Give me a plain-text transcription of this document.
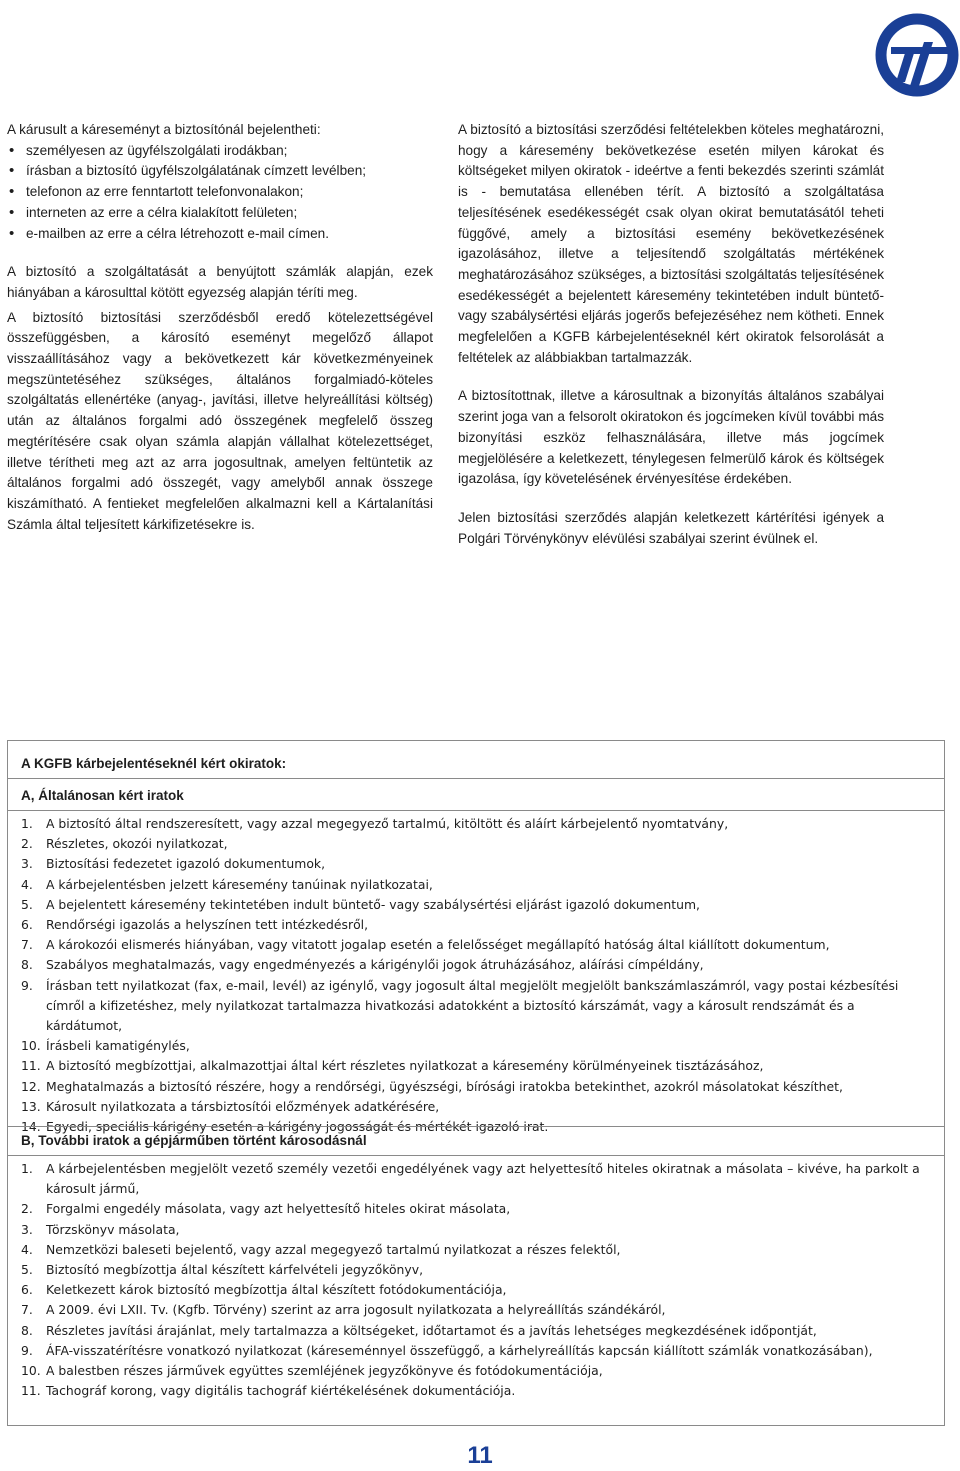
A kárusult a káreseményt a biztosítónál bejelentheti:

• személyesen az ügyfélszolgálati irodákban;
• írásban a biztosító ügyfélszolgálatának címzett levélben;
• telefonon az erre fenntartott telefonvonalakon;
• interneten az erre a célra kialakított felületen;
• e-mailben az erre a célra létrehozott e-mail címen.

A biztosító a szolgáltatását a benyújtott számlák alapján, ezek hiányában a károsulttal kötött egyezség alapján téríti meg.

A biztosító biztosítási szerződésből eredő kötelezettségével összefüggésben, a károsító eseményt megelőző állapot visszaállításához vagy a bekövetkezett kár következményeinek megszüntetéséhez szükséges, általános forgalmiadó-köteles szolgáltatás ellenértéke (anyag-, javítási, illetve helyreállítási költség) után az általános forgalmi adó összegének megfelelő összeg megtérítésére csak olyan számla alapján vállalhat kötelezettséget, illetve térítheti meg azt az arra jogosultnak, amelyen feltüntetik az általános forgalmi adó összegét, vagy amelyből annak összege kiszámítható. A fentieket megfelelően alkalmazni kell a Kártalanítási Számla által teljesített kárkifizetésekre is.

A biztosító a biztosítási szerződési feltételekben köteles meghatározni, hogy a káresemény bekövetkezése esetén milyen károkat és költségeket milyen okiratok - ideértve a fenti bekezdés szerinti számlát is - bemutatása ellenében térít. A biztosító a szolgáltatása teljesítésének esedékességét csak olyan okirat bemutatásától teheti függővé, amely a biztosítási esemény bekövetkezésének igazolásához, illetve a teljesítendő szolgáltatás mértékének meghatározásához szükséges, a biztosítási szolgáltatás teljesítésének esedékességét a bejelentett káresemény tekintetében indult büntető- vagy szabálysértési eljárás jogerős befejezéséhez nem kötheti. Ennek megfelelően a KGFB kárbejelentéseknél kért okiratok felsorolását a feltételek az alábbiakban tartalmazzák.

A biztosítottnak, illetve a károsultnak a bizonyítás általános szabályai szerint joga van a felsorolt okiratokon és jogcímeken kívül további más bizonyítási eszköz felhasználására, illetve más jogcímek megjelölésére a keletkezett, ténylegesen felmerülő károk és költségek igazolása, így követelésének érvényesítése érdekében.

Jelen biztosítási szerződés alapján keletkezett kártérítési igények a Polgári Törvénykönyv elévülési szabályai szerint évülnek el.

A KGFB kárbejelentéseknél kért okiratok:
A, Általánosan kért iratok
1. A biztosító által rendszeresített, vagy azzal megegyező tartalmú, kitöltött és aláírt kárbejelentő nyomtatvány,
2. Részletes, okozói nyilatkozat,
3. Biztosítási fedezetet igazoló dokumentumok,
4. A kárbejelentésben jelzett káresemény tanúinak nyilatkozatai,
5. A bejelentett káresemény tekintetében indult büntető- vagy szabálysértési eljárást igazoló dokumentum,
6. Rendőrségi igazolás a helyszínen tett intézkedésről,
7. A károkozói elismerés hiányában, vagy vitatott jogalap esetén a felelősséget megállapító hatóság által kiállított dokumentum,
8. Szabályos meghatalmazás, vagy engedményezés a kárigénylői jogok átruházásához, aláírási címpéldány,
9. Írásban tett nyilatkozat (fax, e-mail, levél) az igénylő, vagy jogosult által megjelölt megjelölt bankszámlaszámról, vagy postai kézbesítési címről a kifizetéshez, mely nyilatkozat tartalmazza hivatkozási adatokként a biztosító kárszámát, vagy a károsult rendszámát és a kárdátumot,
10. Írásbeli kamatigénylés,
11. A biztosító megbízottjai, alkalmazottjai által kért részletes nyilatkozat a káresemény körülményeinek tisztázásához,
12. Meghatalmazás a biztosító részére, hogy a rendőrségi, ügyészségi, bírósági iratokba betekinthet, azokról másolatokat készíthet,
13. Károsult nyilatkozata a társbiztosítói előzmények adatkérésére,
14. Egyedi, speciális kárigény esetén a kárigény jogosságát és mértékét igazoló irat.
B, További iratok a gépjárműben történt károsodásnál
1. A kárbejelentésben megjelölt vezető személy vezetői engedélyének vagy azt helyettesítő hiteles okiratnak a másolata – kivéve, ha parkolt a károsult jármű,
2. Forgalmi engedély másolata, vagy azt helyettesítő hiteles okirat másolata,
3. Törzskönyv másolata,
4. Nemzetközi baleseti bejelentő, vagy azzal megegyező tartalmú nyilatkozat a részes felektől,
5. Biztosító megbízottja által készített kárfelvételi jegyzőkönyv,
6. Keletkezett károk biztosító megbízottja által készített fotódokumentációja,
7. A 2009. évi LXII. Tv. (Kgfb. Törvény) szerint az arra jogosult nyilatkozata a helyreállítás szándékáról,
8. Részletes javítási árajánlat, mely tartalmazza a költségeket, időtartamot és a javítás lehetséges megkezdésének időpontját,
9. ÁFA-visszatérítésre vonatkozó nyilatkozat (káreseménnyel összefüggő, a kárhelyreállítás kapcsán kiállított számlák vonatkozásában),
10. A balestben részes járművek együttes szemléjének jegyzőkönyve és fotódokumentációja,
11. Tachográf korong, vagy digitális tachográf kiértékelésének dokumentációja.
11
